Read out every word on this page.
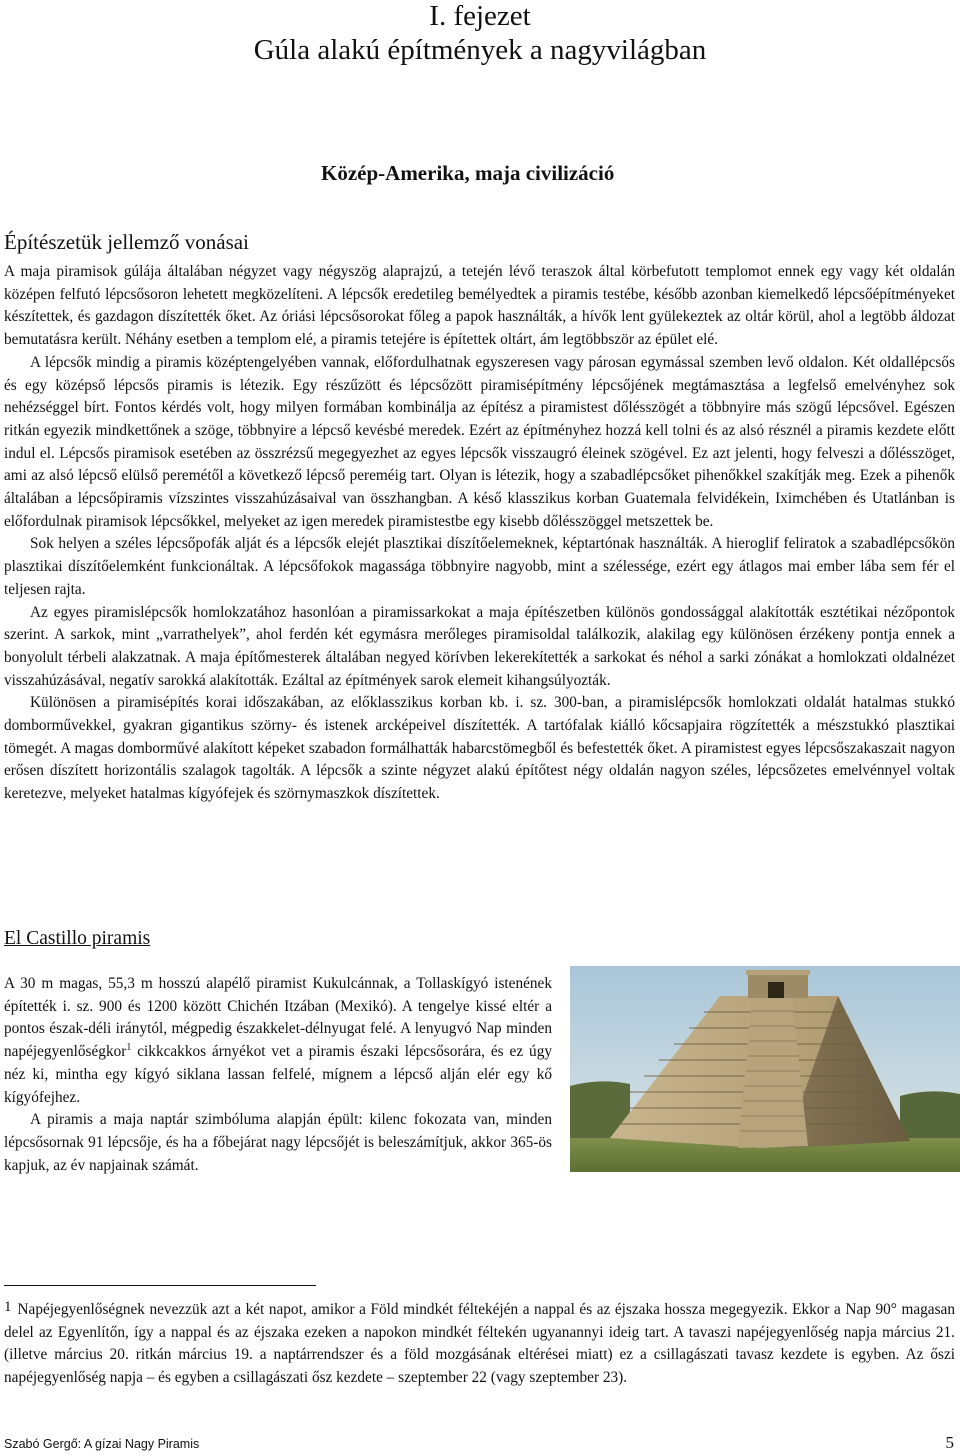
I. fejezet
Gúla alakú építmények a nagyvilágban
Közép-Amerika, maja civilizáció
Építészetük jellemző vonásai

A maja piramisok gúlája általában négyzet vagy négyszög alaprajzú, a tetején lévő teraszok által körbefutott templomot ennek egy vagy két oldalán középen felfutó lépcsősoron lehetett megközelíteni. A lépcsők eredetileg bemélyedtek a piramis testébe, később azonban kiemelkedő lépcsőépítményeket készítettek, és gazdagon díszítették őket. Az óriási lépcsősorokat főleg a papok használták, a hívők lent gyülekeztek az oltár körül, ahol a legtöbb áldozat bemutatásra került. Néhány esetben a templom elé, a piramis tetejére is építettek oltárt, ám legtöbbször az épület elé.

A lépcsők mindig a piramis középtengelyében vannak, előfordulhatnak egyszeresen vagy párosan egymással szemben levő oldalon. Két oldallépcsős és egy középső lépcsős piramis is létezik. Egy részűzött és lépcsőzött piramisépítmény lépcsőjének megtámasztása a legfelső emelvényhez sok nehézséggel bírt. Fontos kérdés volt, hogy milyen formában kombinálja az építész a piramistest dőlésszögét a többnyire más szögű lépcsővel. Egészen ritkán egyezik mindkettőnek a szöge, többnyire a lépcső kevésbé meredek. Ezért az építményhez hozzá kell tolni és az alsó résznél a piramis kezdete előtt indul el. Lépcsős piramisok esetében az összrézsű megegyezhet az egyes lépcsők visszaugró éleinek szögével. Ez azt jelenti, hogy felveszi a dőlésszöget, ami az alsó lépcső elülső peremétől a következő lépcső pereméig tart. Olyan is létezik, hogy a szabadlépcsőket pihenőkkel szakítják meg. Ezek a pihenők általában a lépcsőpiramis vízszintes visszahúzásaival van összhangban. A késő klasszikus korban Guatemala felvidékein, Iximchében és Utatlánban is előfordulnak piramisok lépcsőkkel, melyeket az igen meredek piramistestbe egy kisebb dőlésszöggel metszettek be.

Sok helyen a széles lépcsőpofák alját és a lépcsők elejét plasztikai díszítőelemeknek, képtartónak használták. A hieroglif feliratok a szabadlépcsőkön plasztikai díszítőelemként funkcionáltak. A lépcsőfokok magassága többnyire nagyobb, mint a szélessége, ezért egy átlagos mai ember lába sem fér el teljesen rajta.

Az egyes piramislépcsők homlokzatához hasonlóan a piramissarkokat a maja építészetben különös gondossággal alakították esztétikai nézőpontok szerint. A sarkok, mint „varrathelyek”, ahol ferdén két egymásra merőleges piramisoldal találkozik, alakilag egy különösen érzékeny pontja ennek a bonyolult térbeli alakzatnak. A maja építőmesterek általában negyed körívben lekerekítették a sarkokat és néhol a sarki zónákat a homlokzati oldalnézet visszahúzásával, negatív sarokká alakították. Ezáltal az építmények sarok elemeit kihangsúlyozták.

Különösen a piramisépítés korai időszakában, az előklasszikus korban kb. i. sz. 300-ban, a piramislépcsők homlokzati oldalát hatalmas stukkó domborművekkel, gyakran gigantikus szörny- és istenek arcképeivel díszítették. A tartófalak kiálló kőcsapjaira rögzítették a mészstukkó plasztikai tömegét. A magas domborművé alakított képeket szabadon formálhatták habarcstömegből és befestették őket. A piramistest egyes lépcsőszakaszait nagyon erősen díszített horizontális szalagok tagolták. A lépcsők a szinte négyzet alakú építőtest négy oldalán nagyon széles, lépcsőzetes emelvénnyel voltak keretezve, melyeket hatalmas kígyófejek és szörnymaszkok díszítettek.

El Castillo piramis

A 30 m magas, 55,3 m hosszú alapélő piramist Kukulcánnak, a Tollaskígyó istenének építették i. sz. 900 és 1200 között Chichén Itzában (Mexikó). A tengelye kissé eltér a pontos észak-déli iránytól, mégpedig északkelet-délnyugat felé. A lenyugvó Nap minden napéjegyenlőségkor$^1$ cikkcakkos árnyékot vet a piramis északi lépcsősorára, és ez úgy néz ki, mintha egy kígyó siklana lassan felfelé, mígnem a lépcső alján elér egy kő kígyófejhez.

A piramis a maja naptár szimbóluma alapján épült: kilenc fokozata van, minden lépcsősornak 91 lépcsője, és ha a főbejárat nagy lépcsőjét is beleszámítjuk, akkor 365-ös kapjuk, az év napjainak számát.

1 Napéjegyenlőségnek nevezzük azt a két napot, amikor a Föld mindkét féltekéjén a nappal és az éjszaka hossza megegyezik. Ekkor a Nap 90° magasan delel az Egyenlítőn, így a nappal és az éjszaka ezeken a napokon mindkét féltekén ugyanannyi ideig tart. A tavaszi napéjegyenlőség napja március 21. (illetve március 20. ritkán március 19. a naptárrendszer és a föld mozgásának eltérései miatt) ez a csillagászati tavasz kezdete is egyben. Az őszi napéjegyenlőség napja – és egyben a csillagászati ősz kezdete – szeptember 22 (vagy szeptember 23).

Szabó Gergő: A gízai Nagy Piramis	5
